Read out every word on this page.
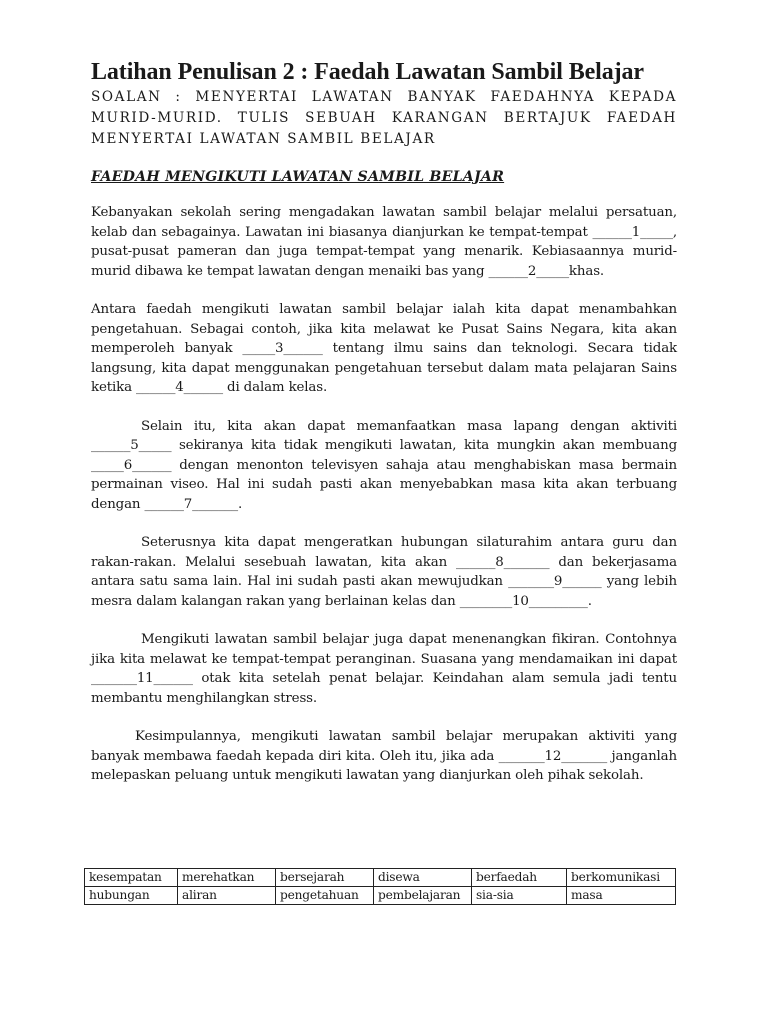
Latihan Penulisan 2 : Faedah Lawatan Sambil Belajar
SOALAN : MENYERTAI LAWATAN BANYAK FAEDAHNYA KEPADA
MURID-MURID. TULIS SEBUAH KARANGAN BERTAJUK FAEDAH
MENYERTAI LAWATAN SAMBIL BELAJAR
FAEDAH MENGIKUTI LAWATAN SAMBIL BELAJAR

Kebanyakan sekolah sering mengadakan lawatan sambil belajar melalui persatuan, kelab dan sebagainya. Lawatan ini biasanya dianjurkan ke tempat-tempat ______1_____, pusat-pusat pameran dan juga tempat-tempat yang menarik. Kebiasaannya murid-murid dibawa ke tempat lawatan dengan menaiki bas yang ______2_____khas.

Antara faedah mengikuti lawatan sambil belajar ialah kita dapat menambahkan pengetahuan. Sebagai contoh, jika kita melawat ke Pusat Sains Negara, kita akan memperoleh banyak _____3______ tentang ilmu sains dan teknologi. Secara tidak langsung, kita dapat menggunakan pengetahuan tersebut dalam mata pelajaran Sains ketika ______4______ di dalam kelas.

Selain itu, kita akan dapat memanfaatkan masa lapang dengan aktiviti ______5_____ sekiranya kita tidak mengikuti lawatan, kita mungkin akan membuang _____6______ dengan menonton televisyen sahaja atau menghabiskan masa bermain permainan viseo. Hal ini sudah pasti akan menyebabkan masa kita akan terbuang dengan ______7_______.

Seterusnya kita dapat mengeratkan hubungan silaturahim antara guru dan rakan-rakan. Melalui sesebuah lawatan, kita akan ______8_______ dan bekerjasama antara satu sama lain. Hal ini sudah pasti akan mewujudkan _______9______ yang lebih mesra dalam kalangan rakan yang berlainan kelas dan ________10_________.

Mengikuti lawatan sambil belajar juga dapat menenangkan fikiran. Contohnya jika kita melawat ke tempat-tempat peranginan. Suasana yang mendamaikan ini dapat _______11______ otak kita setelah penat belajar. Keindahan alam semula jadi tentu membantu menghilangkan stress.

Kesimpulannya, mengikuti lawatan sambil belajar merupakan aktiviti yang banyak membawa faedah kepada diri kita. Oleh itu, jika ada _______12_______ janganlah melepaskan peluang untuk mengikuti lawatan yang dianjurkan oleh pihak sekolah.

kesempatan	merehatkan	bersejarah	disewa	berfaedah	berkomunikasi
hubungan	aliran	pengetahuan	pembelajaran	sia-sia	masa
